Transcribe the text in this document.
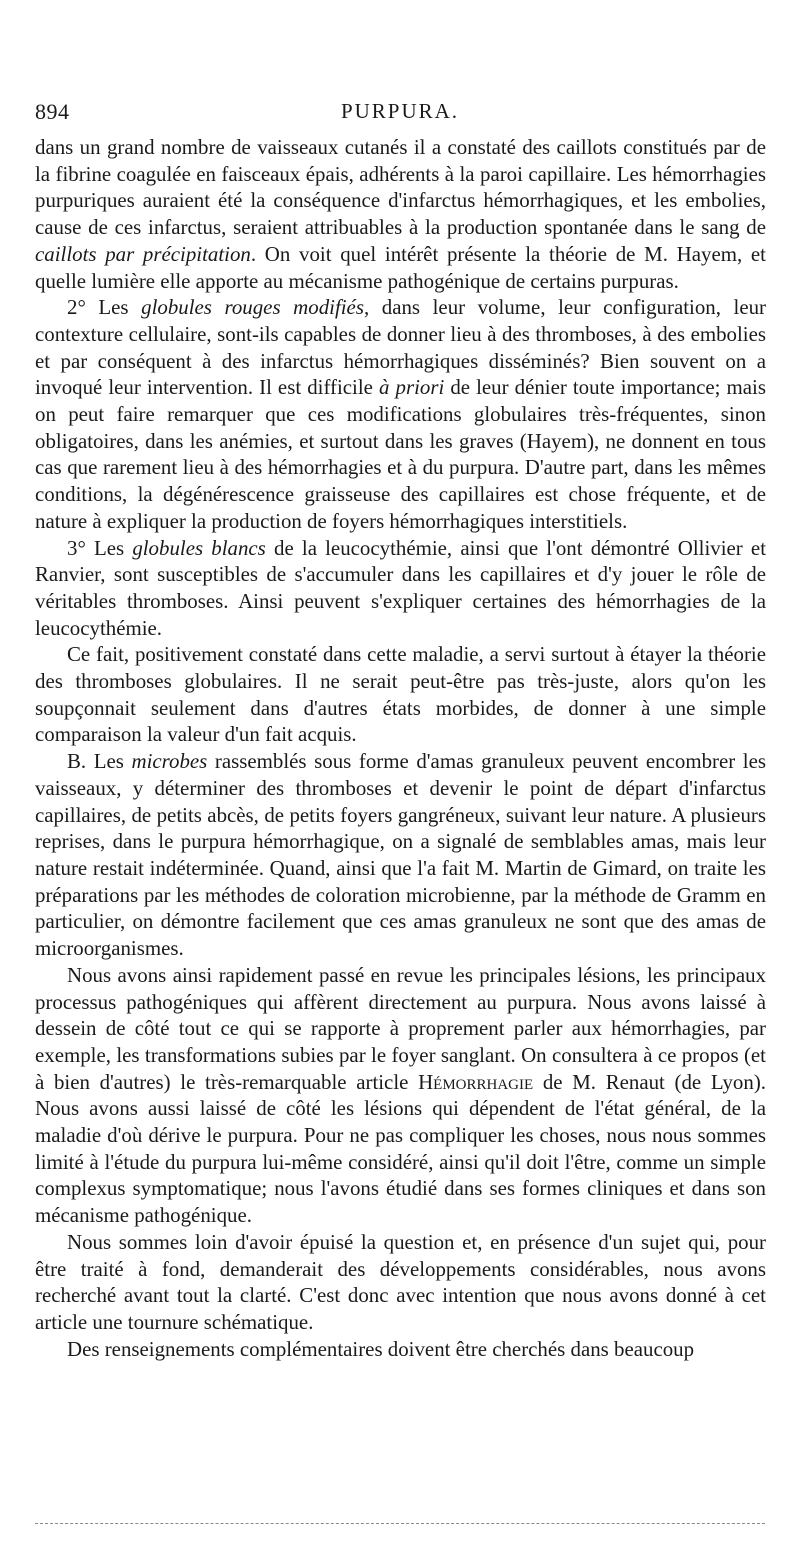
894	PURPURA.

dans un grand nombre de vaisseaux cutanés il a constaté des caillots constitués par de la fibrine coagulée en faisceaux épais, adhérents à la paroi capillaire. Les hémorrhagies purpuriques auraient été la conséquence d'infarctus hémorrhagiques, et les embolies, cause de ces infarctus, seraient attribuables à la production spontanée dans le sang de caillots par précipitation. On voit quel intérêt présente la théorie de M. Hayem, et quelle lumière elle apporte au mécanisme pathogénique de certains purpuras.

2° Les globules rouges modifiés, dans leur volume, leur configuration, leur contexture cellulaire, sont-ils capables de donner lieu à des thromboses, à des embolies et par conséquent à des infarctus hémorrhagiques disséminés? Bien souvent on a invoqué leur intervention. Il est difficile à priori de leur dénier toute importance; mais on peut faire remarquer que ces modifications globulaires très-fréquentes, sinon obligatoires, dans les anémies, et surtout dans les graves (Hayem), ne donnent en tous cas que rarement lieu à des hémorrhagies et à du purpura. D'autre part, dans les mêmes conditions, la dégénérescence graisseuse des capillaires est chose fréquente, et de nature à expliquer la production de foyers hémorrhagiques interstitiels.

3° Les globules blancs de la leucocythémie, ainsi que l'ont démontré Ollivier et Ranvier, sont susceptibles de s'accumuler dans les capillaires et d'y jouer le rôle de véritables thromboses. Ainsi peuvent s'expliquer certaines des hémorrhagies de la leucocythémie.

Ce fait, positivement constaté dans cette maladie, a servi surtout à étayer la théorie des thromboses globulaires. Il ne serait peut-être pas très-juste, alors qu'on les soupçonnait seulement dans d'autres états morbides, de donner à une simple comparaison la valeur d'un fait acquis.

B. Les microbes rassemblés sous forme d'amas granuleux peuvent encombrer les vaisseaux, y déterminer des thromboses et devenir le point de départ d'infarctus capillaires, de petits abcès, de petits foyers gangréneux, suivant leur nature. A plusieurs reprises, dans le purpura hémorrhagique, on a signalé de semblables amas, mais leur nature restait indéterminée. Quand, ainsi que l'a fait M. Martin de Gimard, on traite les préparations par les méthodes de coloration microbienne, par la méthode de Gramm en particulier, on démontre facilement que ces amas granuleux ne sont que des amas de microorganismes.

Nous avons ainsi rapidement passé en revue les principales lésions, les principaux processus pathogéniques qui affèrent directement au purpura. Nous avons laissé à dessein de côté tout ce qui se rapporte à proprement parler aux hémorrhagies, par exemple, les transformations subies par le foyer sanglant. On consultera à ce propos (et à bien d'autres) le très-remarquable article Hémorrhagie de M. Renaut (de Lyon). Nous avons aussi laissé de côté les lésions qui dépendent de l'état général, de la maladie d'où dérive le purpura. Pour ne pas compliquer les choses, nous nous sommes limité à l'étude du purpura lui-même considéré, ainsi qu'il doit l'être, comme un simple complexus symptomatique; nous l'avons étudié dans ses formes cliniques et dans son mécanisme pathogénique.

Nous sommes loin d'avoir épuisé la question et, en présence d'un sujet qui, pour être traité à fond, demanderait des développements considérables, nous avons recherché avant tout la clarté. C'est donc avec intention que nous avons donné à cet article une tournure schématique.

Des renseignements complémentaires doivent être cherchés dans beaucoup
